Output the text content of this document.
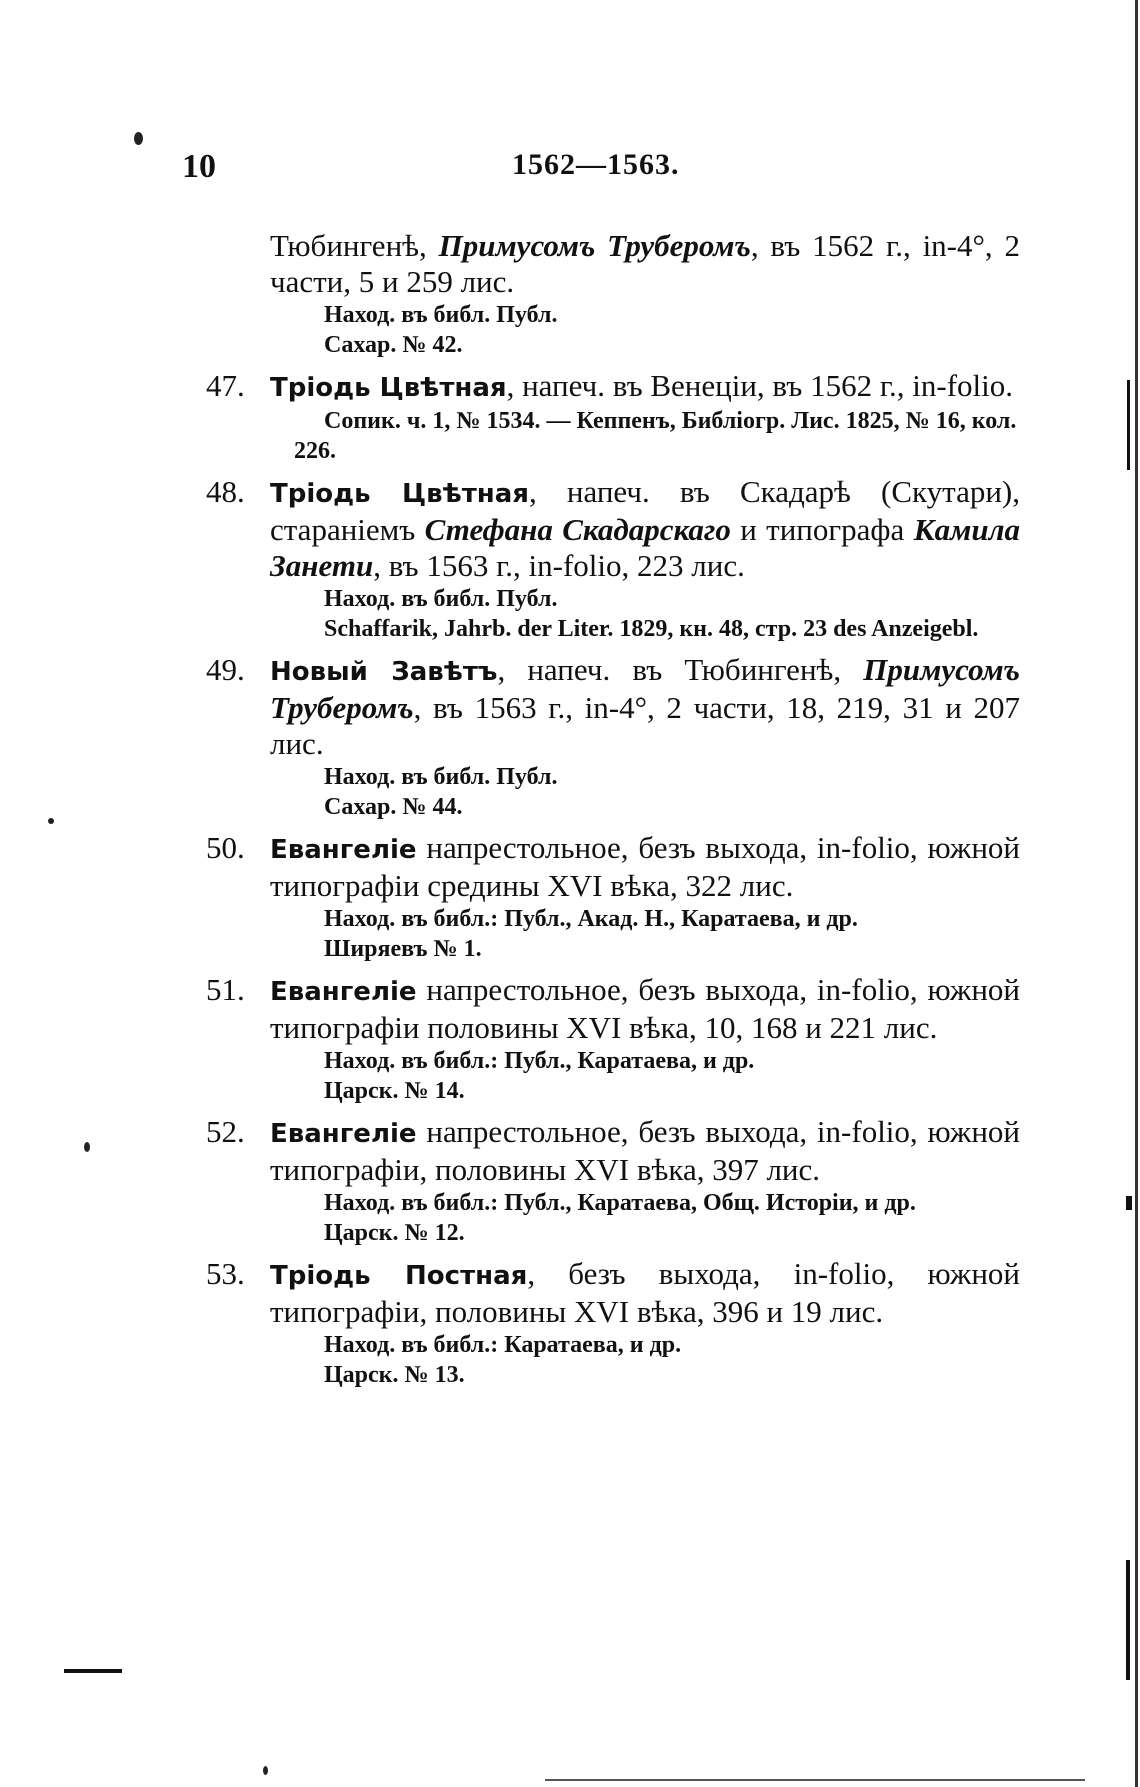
10	1562—1563.
Тюбингенѣ, Примусомъ Труберомъ, въ 1562 г., in-4°, 2 части, 5 и 259 лис.
Наход. въ библ. Публ.
Сахар. № 42.
47. Тріодь Цвѣтная, напеч. въ Венеціи, въ 1562 г., in-folio.
Сопик. ч. 1, № 1534. — Кеппенъ, Библіогр. Лис. 1825, № 16, кол. 226.
48. Тріодь Цвѣтная, напеч. въ Скадарѣ (Скутари), стараніемъ Стефана Скадарскаго и типографа Камила Занети, въ 1563 г., in-folio, 223 лис.
Наход. въ библ. Публ.
Schaffarik, Jahrb. der Liter. 1829, кн. 48, стр. 23 des Anzeigebl.
49. Новый Завѣтъ, напеч. въ Тюбингенѣ, Примусомъ Труберомъ, въ 1563 г., in-4°, 2 части, 18, 219, 31 и 207 лис.
Наход. въ библ. Публ.
Сахар. № 44.
50. Евангеліе напрестольное, безъ выхода, in-folio, южной типографіи средины XVI вѣка, 322 лис.
Наход. въ библ.: Публ., Акад. Н., Каратаева, и др.
Ширяевъ № 1.
51. Евангеліе напрестольное, безъ выхода, in-folio, южной типографіи половины XVI вѣка, 10, 168 и 221 лис.
Наход. въ библ.: Публ., Каратаева, и др.
Царск. № 14.
52. Евангеліе напрестольное, безъ выхода, in-folio, южной типографіи, половины XVI вѣка, 397 лис.
Наход. въ библ.: Публ., Каратаева, Общ. Исторіи, и др.
Царск. № 12.
53. Тріодь Постная, безъ выхода, in-folio, южной типографіи, половины XVI вѣка, 396 и 19 лис.
Наход. въ библ.: Каратаева, и др.
Царск. № 13.
